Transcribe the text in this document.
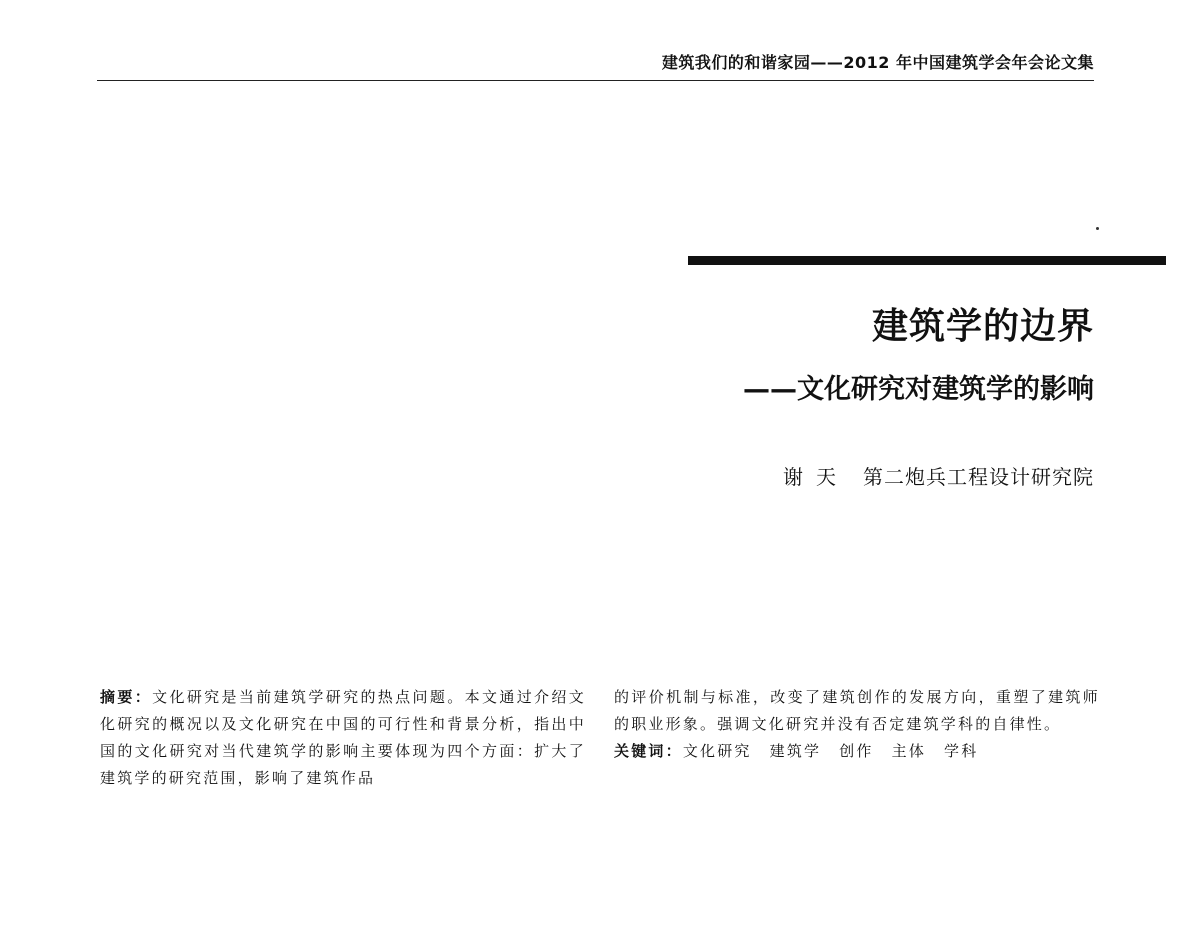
建筑我们的和谐家园——2012 年中国建筑学会年会论文集
建筑学的边界
——文化研究对建筑学的影响
谢 天 第二炮兵工程设计研究院
摘要：文化研究是当前建筑学研究的热点问题。本文通过介绍文化研究的概况以及文化研究在中国的可行性和背景分析，指出中国的文化研究对当代建筑学的影响主要体现为四个方面：扩大了建筑学的研究范围，影响了建筑作品
的评价机制与标准，改变了建筑创作的发展方向，重塑了建筑师的职业形象。强调文化研究并没有否定建筑学科的自律性。
关键词：文化研究 建筑学 创作 主体 学科
